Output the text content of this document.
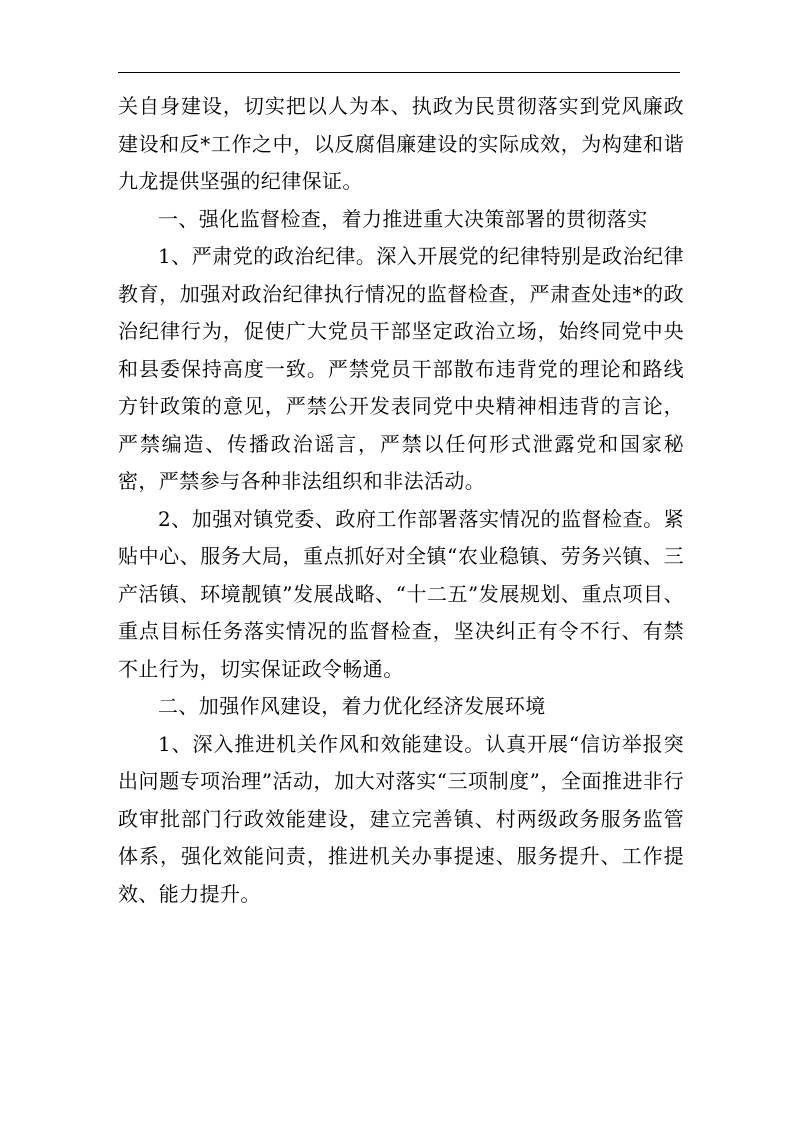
关自身建设，切实把以人为本、执政为民贯彻落实到党风廉政建设和反*工作之中，以反腐倡廉建设的实际成效，为构建和谐九龙提供坚强的纪律保证。

一、强化监督检查，着力推进重大决策部署的贯彻落实

1、严肃党的政治纪律。深入开展党的纪律特别是政治纪律教育，加强对政治纪律执行情况的监督检查，严肃查处违*的政治纪律行为，促使广大党员干部坚定政治立场，始终同党中央和县委保持高度一致。严禁党员干部散布违背党的理论和路线方针政策的意见，严禁公开发表同党中央精神相违背的言论，严禁编造、传播政治谣言，严禁以任何形式泄露党和国家秘密，严禁参与各种非法组织和非法活动。

2、加强对镇党委、政府工作部署落实情况的监督检查。紧贴中心、服务大局，重点抓好对全镇“农业稳镇、劳务兴镇、三产活镇、环境靓镇”发展战略、“十二五”发展规划、重点项目、重点目标任务落实情况的监督检查，坚决纠正有令不行、有禁不止行为，切实保证政令畅通。

二、加强作风建设，着力优化经济发展环境

1、深入推进机关作风和效能建设。认真开展“信访举报突出问题专项治理”活动，加大对落实“三项制度”，全面推进非行政审批部门行政效能建设，建立完善镇、村两级政务服务监管体系，强化效能问责，推进机关办事提速、服务提升、工作提效、能力提升。
